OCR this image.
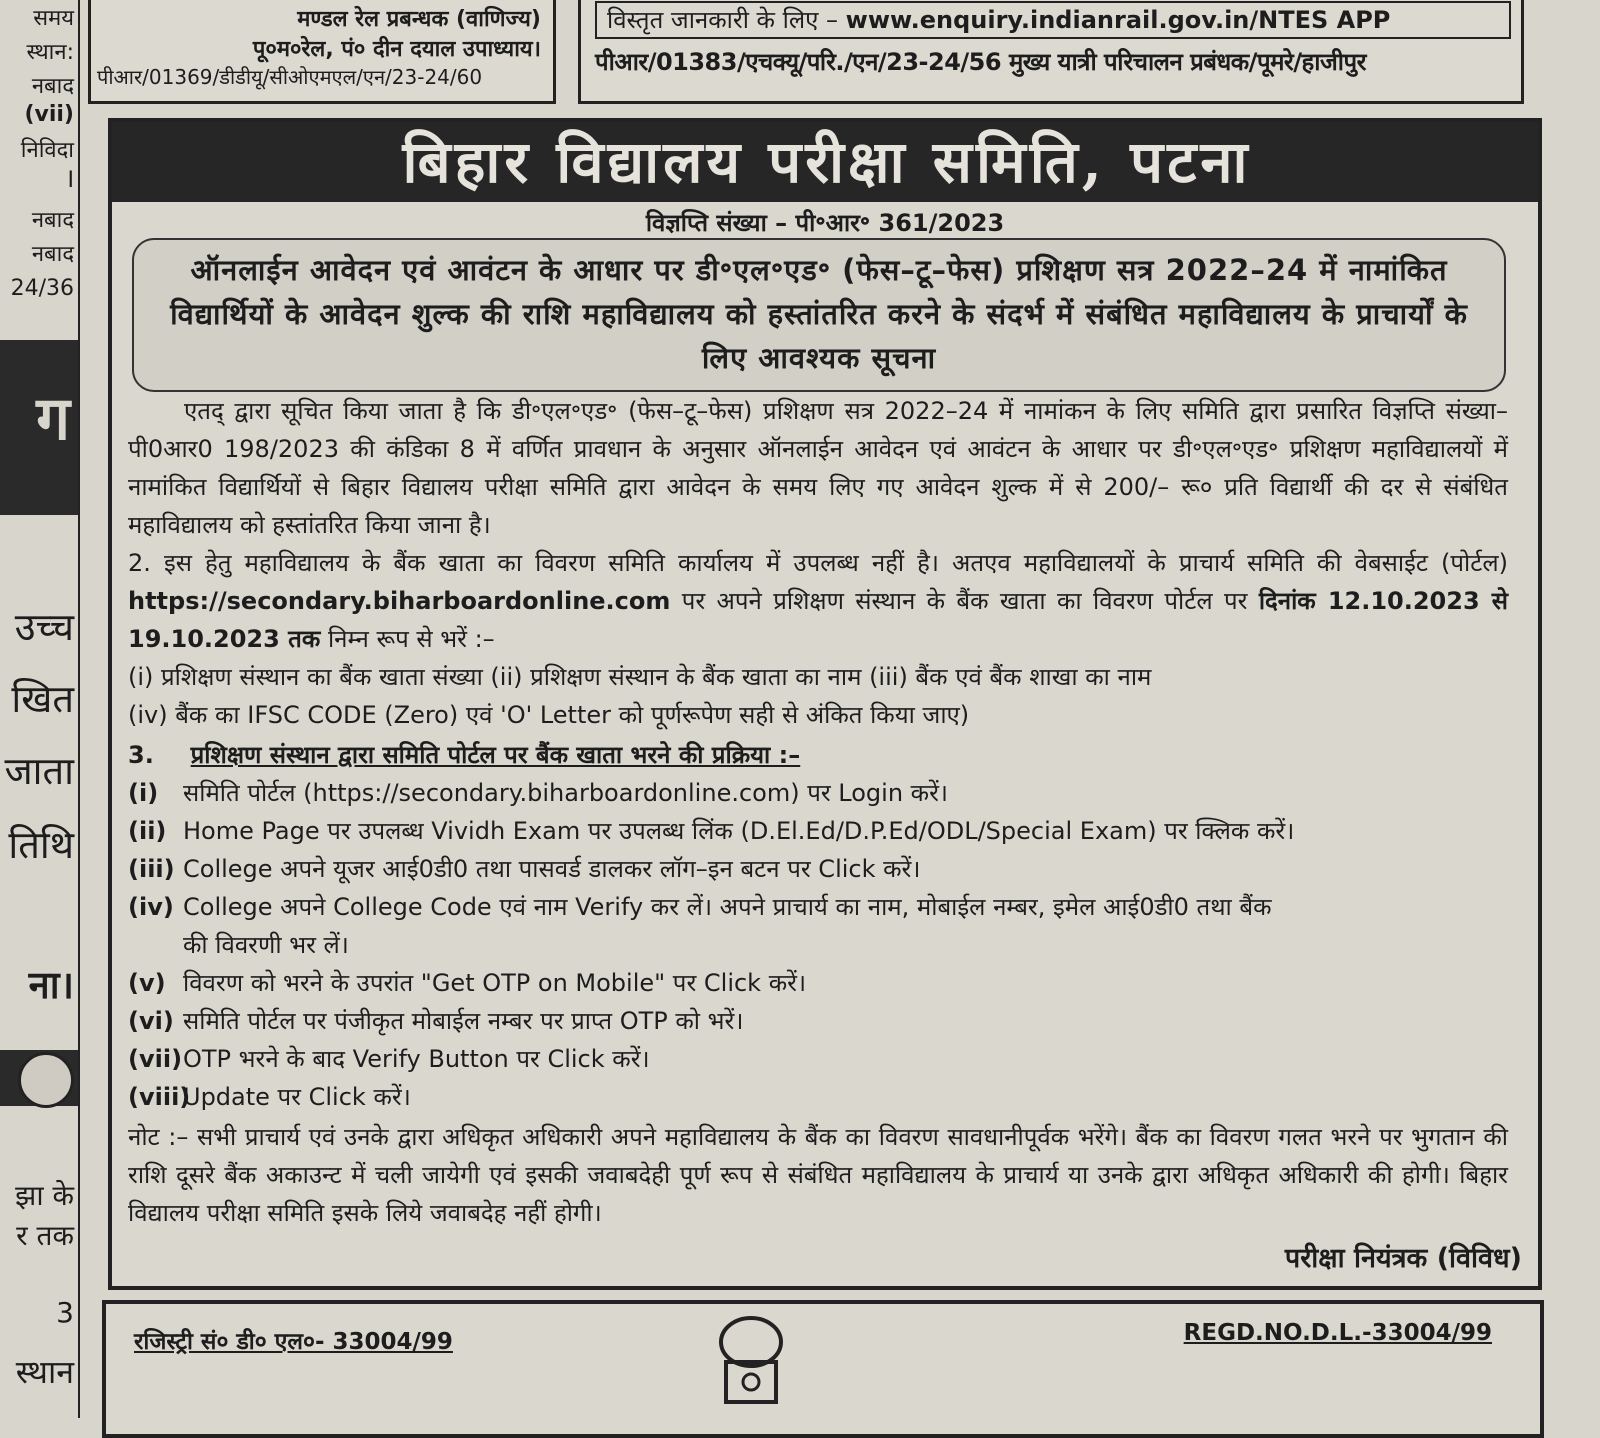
समय
स्थान:
नबाद
(vii)
निविदा
I
नबाद
नबाद
24/36
ग
उच्च
खित
जाता
तिथि
ना।
झा के
र तक
3
स्थान
मण्डल रेल प्रबन्धक (वाणिज्य)
पू०म०रेल, पं० दीन दयाल उपाध्याय।
पीआर/01369/डीडीयू/सीओएमएल/एन/23-24/60
विस्तृत जानकारी के लिए – www.enquiry.indianrail.gov.in/NTES APP
पीआर/01383/एचक्यू/परि./एन/23-24/56 मुख्य यात्री परिचालन प्रबंधक/पूमरे/हाजीपुर
बिहार विद्यालय परीक्षा समिति, पटना
विज्ञप्ति संख्या – पी॰आर॰ 361/2023
ऑनलाईन आवेदन एवं आवंटन के आधार पर डी॰एल॰एड॰ (फेस–टू–फेस) प्रशिक्षण सत्र 2022–24 में नामांकित विद्यार्थियों के आवेदन शुल्क की राशि महाविद्यालय को हस्तांतरित करने के संदर्भ में संबंधित महाविद्यालय के प्राचार्यों के लिए आवश्यक सूचना
एतद् द्वारा सूचित किया जाता है कि डी॰एल॰एड॰ (फेस–टू–फेस) प्रशिक्षण सत्र 2022–24 में नामांकन के लिए समिति द्वारा प्रसारित विज्ञप्ति संख्या– पी0आर0 198/2023 की कंडिका 8 में वर्णित प्रावधान के अनुसार ऑनलाईन आवेदन एवं आवंटन के आधार पर डी॰एल॰एड॰ प्रशिक्षण महाविद्यालयों में नामांकित विद्यार्थियों से बिहार विद्यालय परीक्षा समिति द्वारा आवेदन के समय लिए गए आवेदन शुल्क में से 200/– रू० प्रति विद्यार्थी की दर से संबंधित महाविद्यालय को हस्तांतरित किया जाना है।
2. इस हेतु महाविद्यालय के बैंक खाता का विवरण समिति कार्यालय में उपलब्ध नहीं है। अतएव महाविद्यालयों के प्राचार्य समिति की वेबसाईट (पोर्टल) https://secondary.biharboardonline.com पर अपने प्रशिक्षण संस्थान के बैंक खाता का विवरण पोर्टल पर दिनांक 12.10.2023 से 19.10.2023 तक निम्न रूप से भरें :–
(i) प्रशिक्षण संस्थान का बैंक खाता संख्या (ii) प्रशिक्षण संस्थान के बैंक खाता का नाम (iii) बैंक एवं बैंक शाखा का नाम
(iv) बैंक का IFSC CODE (Zero) एवं 'O' Letter को पूर्णरूपेण सही से अंकित किया जाए)
3. प्रशिक्षण संस्थान द्वारा समिति पोर्टल पर बैंक खाता भरने की प्रक्रिया :–
(i) समिति पोर्टल (https://secondary.biharboardonline.com) पर Login करें।
(ii) Home Page पर उपलब्ध Vividh Exam पर उपलब्ध लिंक (D.El.Ed/D.P.Ed/ODL/Special Exam) पर क्लिक करें।
(iii) College अपने यूजर आई0डी0 तथा पासवर्ड डालकर लॉग–इन बटन पर Click करें।
(iv) College अपने College Code एवं नाम Verify कर लें। अपने प्राचार्य का नाम, मोबाईल नम्बर, इमेल आई0डी0 तथा बैंक
की विवरणी भर लें।
(v) विवरण को भरने के उपरांत "Get OTP on Mobile" पर Click करें।
(vi) समिति पोर्टल पर पंजीकृत मोबाईल नम्बर पर प्राप्त OTP को भरें।
(vii)OTP भरने के बाद Verify Button पर Click करें।
(viii)Update पर Click करें।
नोट :– सभी प्राचार्य एवं उनके द्वारा अधिकृत अधिकारी अपने महाविद्यालय के बैंक का विवरण सावधानीपूर्वक भरेंगे। बैंक का विवरण गलत भरने पर भुगतान की राशि दूसरे बैंक अकाउन्ट में चली जायेगी एवं इसकी जवाबदेही पूर्ण रूप से संबंधित महाविद्यालय के प्राचार्य या उनके द्वारा अधिकृत अधिकारी की होगी। बिहार विद्यालय परीक्षा समिति इसके लिये जवाबदेह नहीं होगी।
परीक्षा नियंत्रक (विविध)
रजिस्ट्री सं० डी० एल०- 33004/99	REGD.NO.D.L.-33004/99
